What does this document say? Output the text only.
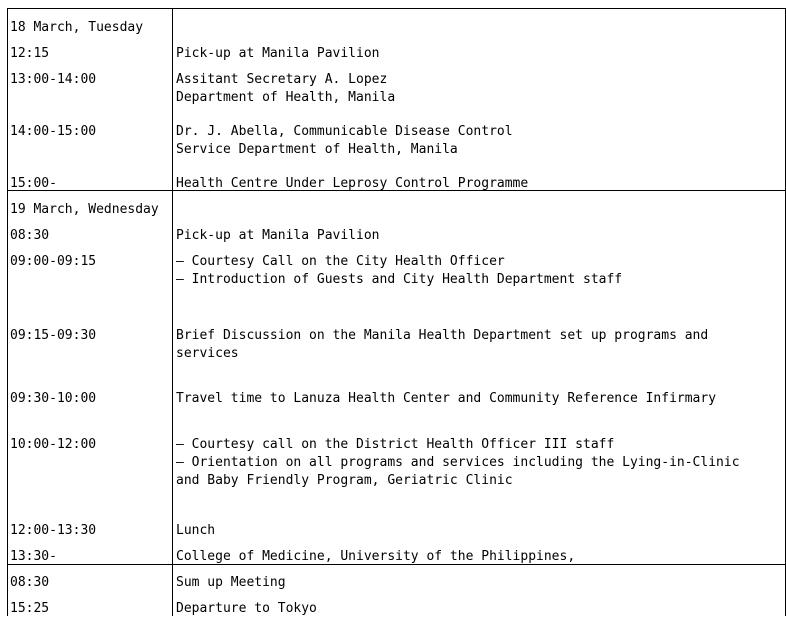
18 March, Tuesday
12:15	Pick-up at Manila Pavilion
13:00-14:00	Assitant Secretary A. Lopez
Department of Health, Manila
14:00-15:00	Dr. J. Abella, Communicable Disease Control
Service Department of Health, Manila
15:00-	Health Centre Under Leprosy Control Programme
19 March, Wednesday
08:30	Pick-up at Manila Pavilion
09:00-09:15	— Courtesy Call on the City Health Officer
— Introduction of Guests and City Health Department staff
09:15-09:30	Brief Discussion on the Manila Health Department set up programs and
services
09:30-10:00	Travel time to Lanuza Health Center and Community Reference Infirmary
10:00-12:00	— Courtesy call on the District Health Officer III staff
— Orientation on all programs and services including the Lying-in-Clinic
and Baby Friendly Program, Geriatric Clinic
12:00-13:30	Lunch
13:30-	College of Medicine, University of the Philippines,
08:30	Sum up Meeting
15:25	Departure to Tokyo
